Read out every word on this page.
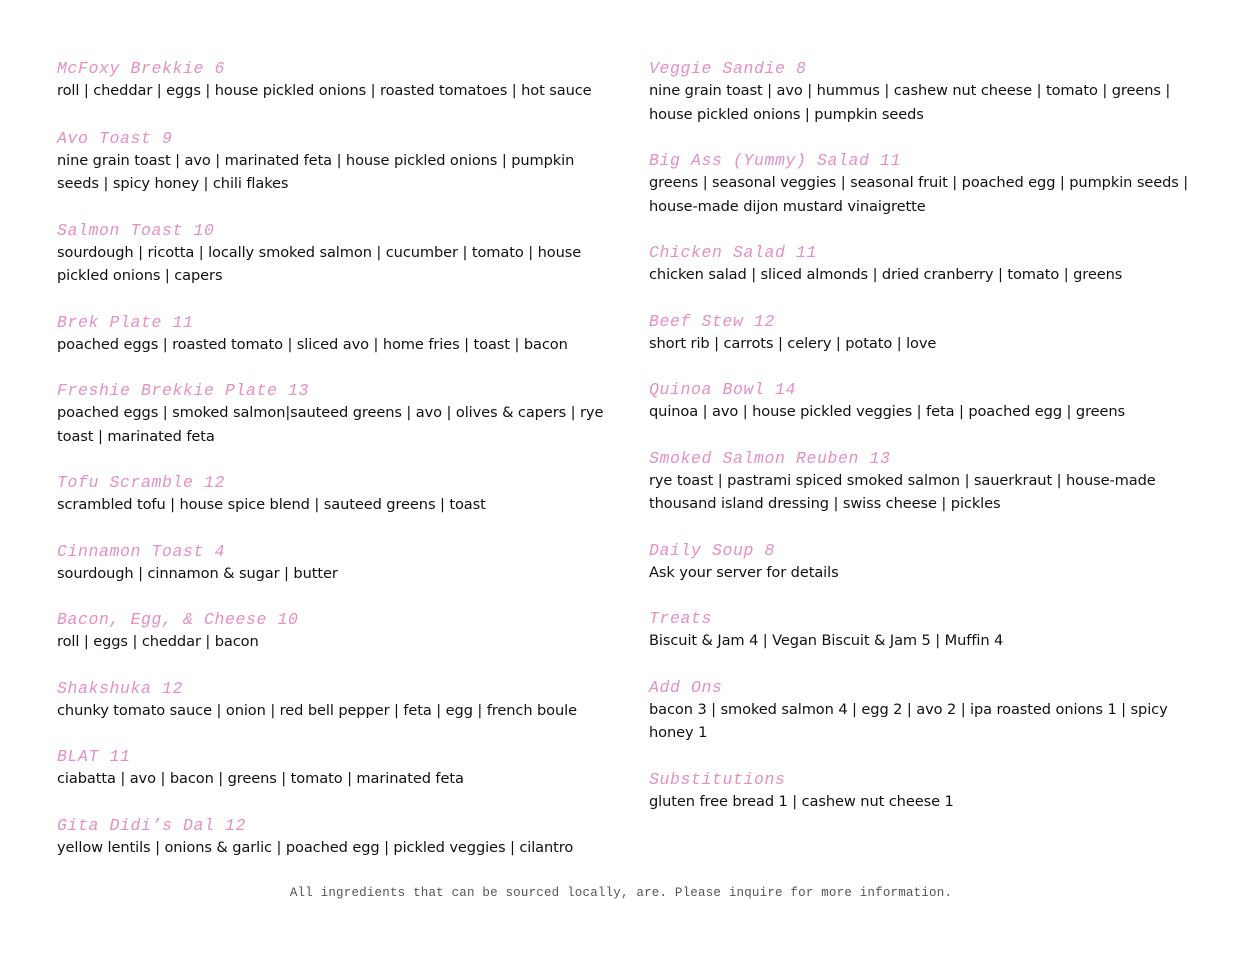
McFoxy Brekkie 6
roll | cheddar | eggs | house pickled onions | roasted tomatoes | hot sauce
Avo Toast 9
nine grain toast | avo | marinated feta | house pickled onions | pumpkin seeds | spicy honey | chili flakes
Salmon Toast 10
sourdough | ricotta | locally smoked salmon | cucumber | tomato | house pickled onions | capers
Brek Plate 11
poached eggs | roasted tomato | sliced avo | home fries | toast | bacon
Freshie Brekkie Plate 13
poached eggs | smoked salmon|sauteed greens | avo | olives & capers | rye toast | marinated feta
Tofu Scramble 12
scrambled tofu | house spice blend | sauteed greens | toast
Cinnamon Toast 4
sourdough | cinnamon & sugar | butter
Bacon, Egg, & Cheese 10
roll | eggs | cheddar | bacon
Shakshuka 12
chunky tomato sauce | onion | red bell pepper | feta | egg | french boule
BLAT 11
ciabatta | avo | bacon | greens | tomato | marinated feta
Gita Didi’s Dal 12
yellow lentils | onions & garlic | poached egg | pickled veggies | cilantro
Veggie Sandie 8
nine grain toast | avo | hummus | cashew nut cheese | tomato | greens | house pickled onions | pumpkin seeds
Big Ass (Yummy) Salad 11
greens | seasonal veggies | seasonal fruit | poached egg | pumpkin seeds | house-made dijon mustard vinaigrette
Chicken Salad 11
chicken salad | sliced almonds | dried cranberry | tomato | greens
Beef Stew 12
short rib | carrots | celery | potato | love
Quinoa Bowl 14
quinoa | avo | house pickled veggies | feta | poached egg | greens
Smoked Salmon Reuben 13
rye toast | pastrami spiced smoked salmon | sauerkraut | house-made thousand island dressing | swiss cheese | pickles
Daily Soup 8
Ask your server for details
Treats
Biscuit & Jam 4 | Vegan Biscuit & Jam 5 | Muffin 4
Add Ons
bacon 3 | smoked salmon 4 | egg 2 | avo 2 | ipa roasted onions 1 | spicy honey 1
Substitutions
gluten free bread 1 | cashew nut cheese 1
All ingredients that can be sourced locally, are. Please inquire for more information.
